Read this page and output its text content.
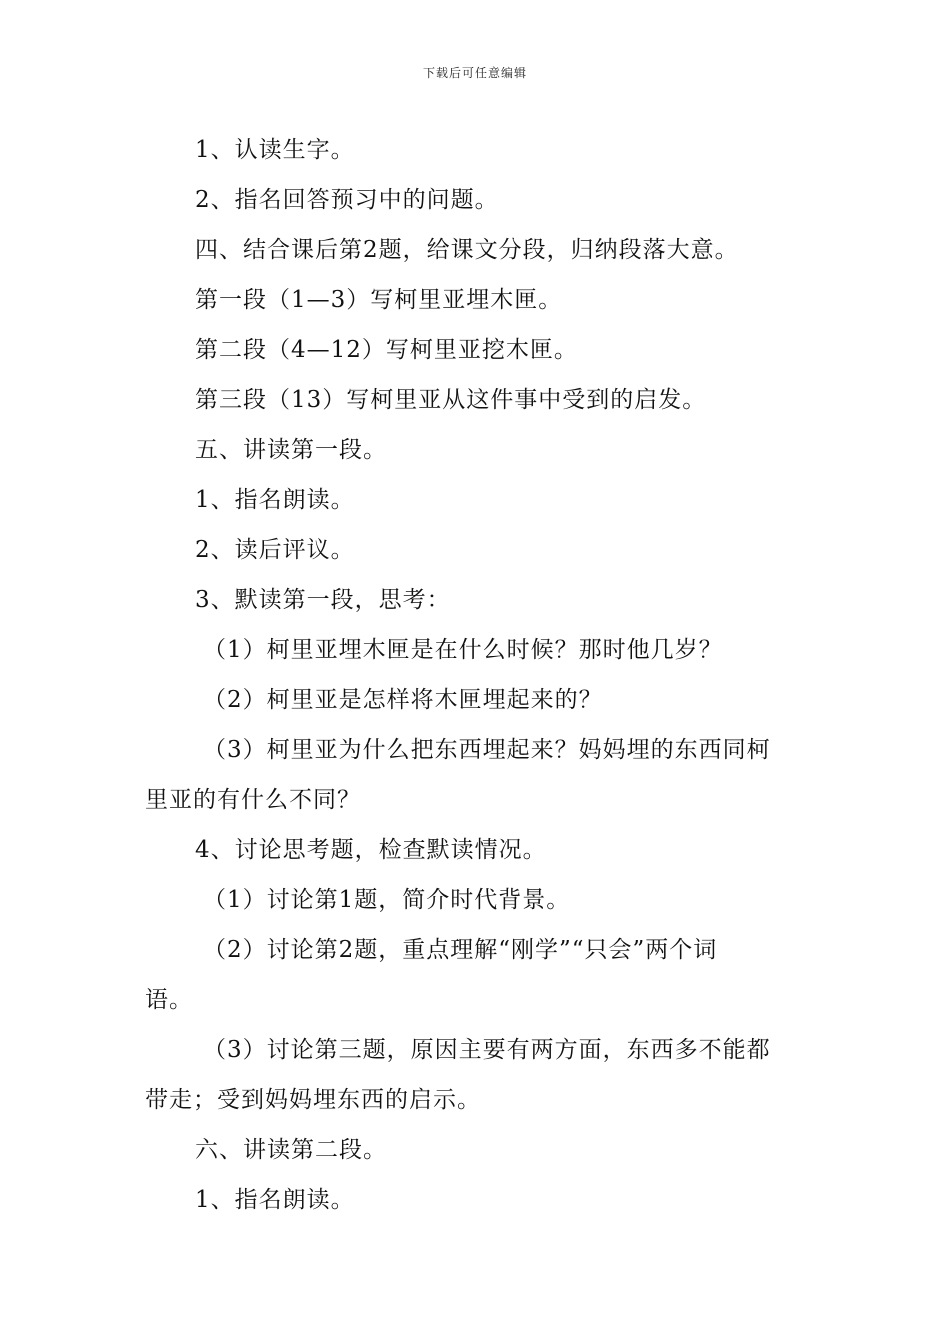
下载后可任意编辑
1、认读生字。
2、指名回答预习中的问题。
四、结合课后第2题，给课文分段，归纳段落大意。
第一段（1—3）写柯里亚埋木匣。
第二段（4—12）写柯里亚挖木匣。
第三段（13）写柯里亚从这件事中受到的启发。
五、讲读第一段。
1、指名朗读。
2、读后评议。
3、默读第一段，思考：
（1）柯里亚埋木匣是在什么时候？那时他几岁？
（2）柯里亚是怎样将木匣埋起来的？
（3）柯里亚为什么把东西埋起来？妈妈埋的东西同柯
里亚的有什么不同？
4、讨论思考题，检查默读情况。
（1）讨论第1题，简介时代背景。
（2）讨论第2题，重点理解“刚学”“只会”两个词
语。
（3）讨论第三题，原因主要有两方面，东西多不能都
带走；受到妈妈埋东西的启示。
六、讲读第二段。
1、指名朗读。
